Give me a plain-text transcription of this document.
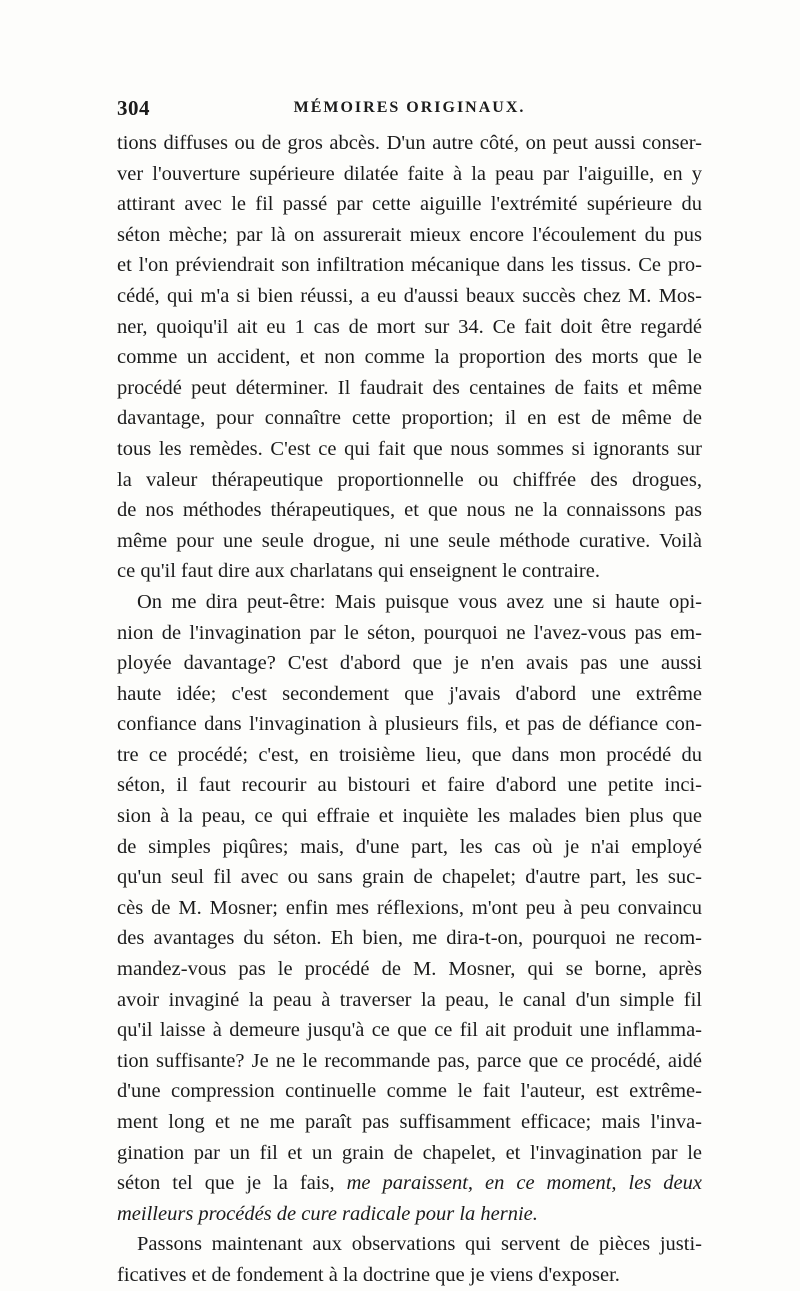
304	MÉMOIRES ORIGINAUX.
tions diffuses ou de gros abcès. D'un autre côté, on peut aussi conser-
ver l'ouverture supérieure dilatée faite à la peau par l'aiguille, en y
attirant avec le fil passé par cette aiguille l'extrémité supérieure du
séton mèche; par là on assurerait mieux encore l'écoulement du pus
et l'on préviendrait son infiltration mécanique dans les tissus. Ce pro-
cédé, qui m'a si bien réussi, a eu d'aussi beaux succès chez M. Mos-
ner, quoiqu'il ait eu 1 cas de mort sur 34. Ce fait doit être regardé
comme un accident, et non comme la proportion des morts que le
procédé peut déterminer. Il faudrait des centaines de faits et même
davantage, pour connaître cette proportion; il en est de même de
tous les remèdes. C'est ce qui fait que nous sommes si ignorants sur
la valeur thérapeutique proportionnelle ou chiffrée des drogues,
de nos méthodes thérapeutiques, et que nous ne la connaissons pas
même pour une seule drogue, ni une seule méthode curative. Voilà
ce qu'il faut dire aux charlatans qui enseignent le contraire.
On me dira peut-être: Mais puisque vous avez une si haute opi-
nion de l'invagination par le séton, pourquoi ne l'avez-vous pas em-
ployée davantage? C'est d'abord que je n'en avais pas une aussi
haute idée; c'est secondement que j'avais d'abord une extrême
confiance dans l'invagination à plusieurs fils, et pas de défiance con-
tre ce procédé; c'est, en troisième lieu, que dans mon procédé du
séton, il faut recourir au bistouri et faire d'abord une petite inci-
sion à la peau, ce qui effraie et inquiète les malades bien plus que
de simples piqûres; mais, d'une part, les cas où je n'ai employé
qu'un seul fil avec ou sans grain de chapelet; d'autre part, les suc-
cès de M. Mosner; enfin mes réflexions, m'ont peu à peu convaincu
des avantages du séton. Eh bien, me dira-t-on, pourquoi ne recom-
mandez-vous pas le procédé de M. Mosner, qui se borne, après
avoir invaginé la peau à traverser la peau, le canal d'un simple fil
qu'il laisse à demeure jusqu'à ce que ce fil ait produit une inflamma-
tion suffisante? Je ne le recommande pas, parce que ce procédé, aidé
d'une compression continuelle comme le fait l'auteur, est extrême-
ment long et ne me paraît pas suffisamment efficace; mais l'inva-
gination par un fil et un grain de chapelet, et l'invagination par le
séton tel que je la fais, me paraissent, en ce moment, les deux
meilleurs procédés de cure radicale pour la hernie.
Passons maintenant aux observations qui servent de pièces justi-
ficatives et de fondement à la doctrine que je viens d'exposer.
